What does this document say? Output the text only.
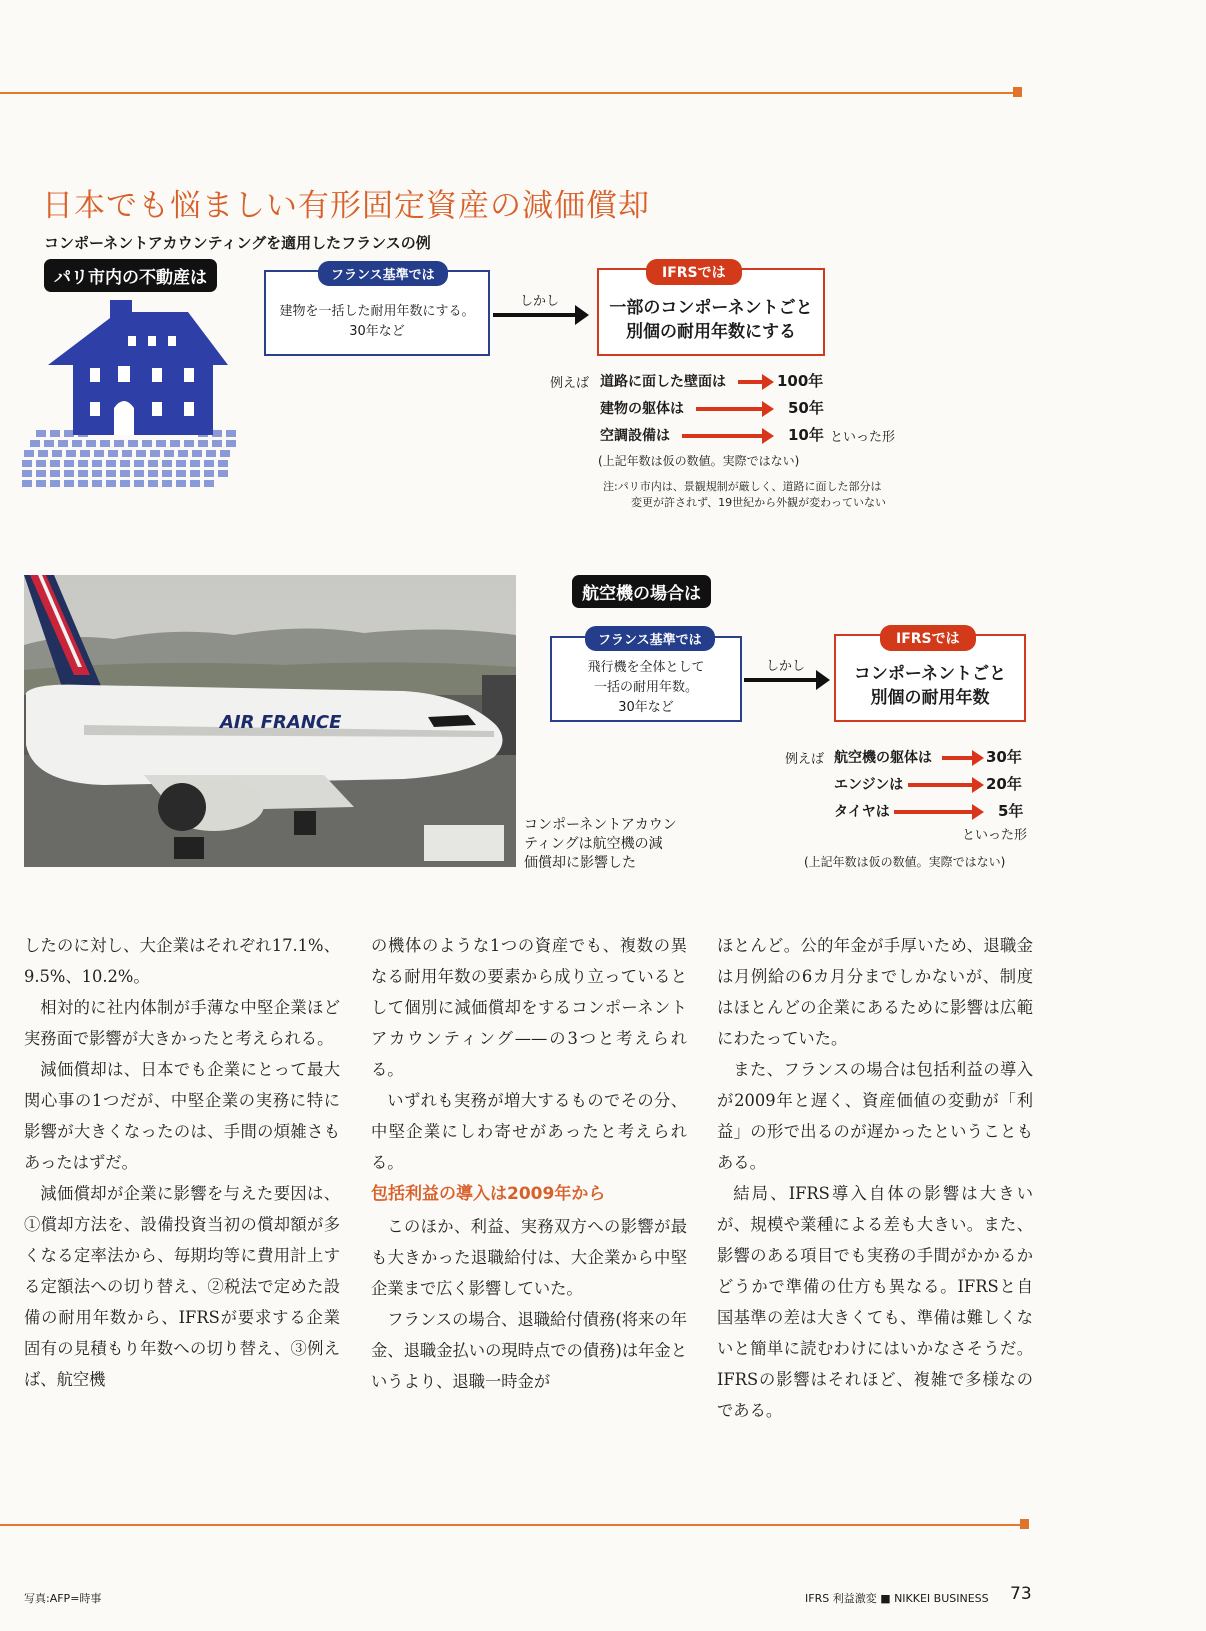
日本でも悩ましい有形固定資産の減価償却
コンポーネントアカウンティングを適用したフランスの例
パリ市内の不動産は
建物を一括した耐用年数にする。
30年など
フランス基準では
しかし	一部のコンポーネントごと
別個の耐用年数にする
IFRSでは
例えば 道路に面した壁面は	100年
建物の躯体は	50年
空調設備は	10年 といった形
(上記年数は仮の数値。実際ではない)
注:パリ市内は、景観規制が厳しく、道路に面した部分は
変更が許されず、19世紀から外観が変わっていない
AIR FRANCE
コンポーネントアカウン
ティングは航空機の減
価償却に影響した
航空機の場合は
飛行機を全体として
一括の耐用年数。
30年など
フランス基準では
しかし	コンポーネントごと
別個の耐用年数
IFRSでは
例えば 航空機の躯体は	30年
エンジンは	20年
タイヤは	5年
といった形
(上記年数は仮の数値。実際ではない)

したのに対し、大企業はそれぞれ17.1%、9.5%、10.2%。

相対的に社内体制が手薄な中堅企業ほど実務面で影響が大きかったと考えられる。

減価償却は、日本でも企業にとって最大関心事の1つだが、中堅企業の実務に特に影響が大きくなったのは、手間の煩雑さもあったはずだ。

減価償却が企業に影響を与えた要因は、①償却方法を、設備投資当初の償却額が多くなる定率法から、毎期均等に費用計上する定額法への切り替え、②税法で定めた設備の耐用年数から、IFRSが要求する企業固有の見積もり年数への切り替え、③例えば、航空機

の機体のような1つの資産でも、複数の異なる耐用年数の要素から成り立っているとして個別に減価償却をするコンポーネントアカウンティング——の3つと考えられる。

いずれも実務が増大するものでその分、中堅企業にしわ寄せがあったと考えられる。

包括利益の導入は2009年から

このほか、利益、実務双方への影響が最も大きかった退職給付は、大企業から中堅企業まで広く影響していた。

フランスの場合、退職給付債務(将来の年金、退職金払いの現時点での債務)は年金というより、退職一時金が

ほとんど。公的年金が手厚いため、退職金は月例給の6カ月分までしかないが、制度はほとんどの企業にあるために影響は広範にわたっていた。

また、フランスの場合は包括利益の導入が2009年と遅く、資産価値の変動が「利益」の形で出るのが遅かったということもある。

結局、IFRS導入自体の影響は大きいが、規模や業種による差も大きい。また、影響のある項目でも実務の手間がかかるかどうかで準備の仕方も異なる。IFRSと自国基準の差は大きくても、準備は難しくないと簡単に読むわけにはいかなさそうだ。IFRSの影響はそれほど、複雑で多様なのである。

写真:AFP=時事	IFRS 利益激変 ■ NIKKEI BUSINESS 73
